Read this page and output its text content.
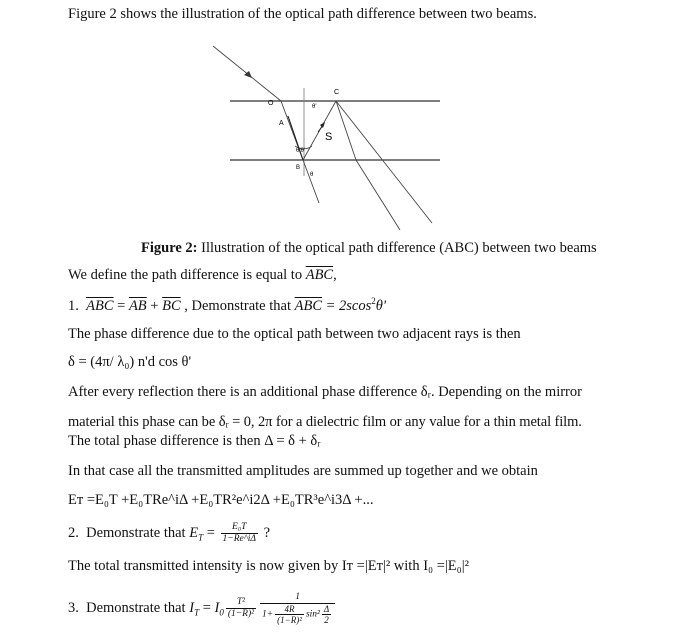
Figure 2 shows the illustration of the optical path difference between two beams.
O
A
B
C
S
θ'
θ'θ'
θ
Figure 2: Illustration of the optical path difference (ABC) between two beams
We define the path difference is equal to $\overline{ABC}$,
1. $\overline{ABC} = \overline{AB} + \overline{BC}$ , Demonstrate that $\overline{ABC} = 2scos^2\theta'$
The phase difference due to the optical path between two adjacent rays is then
δ = (4π/ λ₀) n'd cos θ'
After every reflection there is an additional phase difference δᵣ. Depending on the mirror
material this phase can be δᵣ = 0, 2π for a dielectric film or any value for a thin metal film.
The total phase difference is then Δ = δ + δᵣ
In that case all the transmitted amplitudes are summed up together and we obtain
Eᴛ =E₀T +E₀TRe^iΔ +E₀TR²e^i2Δ +E₀TR³e^i3Δ +...
2. Demonstrate that $E_T = \frac{\text{E₀T}}{1-Re\^{}i\Delta}$ ?
The total transmitted intensity is now given by Iᴛ =|Eᴛ|² with I₀ =|E₀|²
3. Demonstrate that $I_T = I_0 \frac{\text{T²}}{\text{(1−R)²}} \frac{1}{1+ \frac{4R}{\text{(1−R)²}} \sin^2 \frac{\Delta}{2}}$
